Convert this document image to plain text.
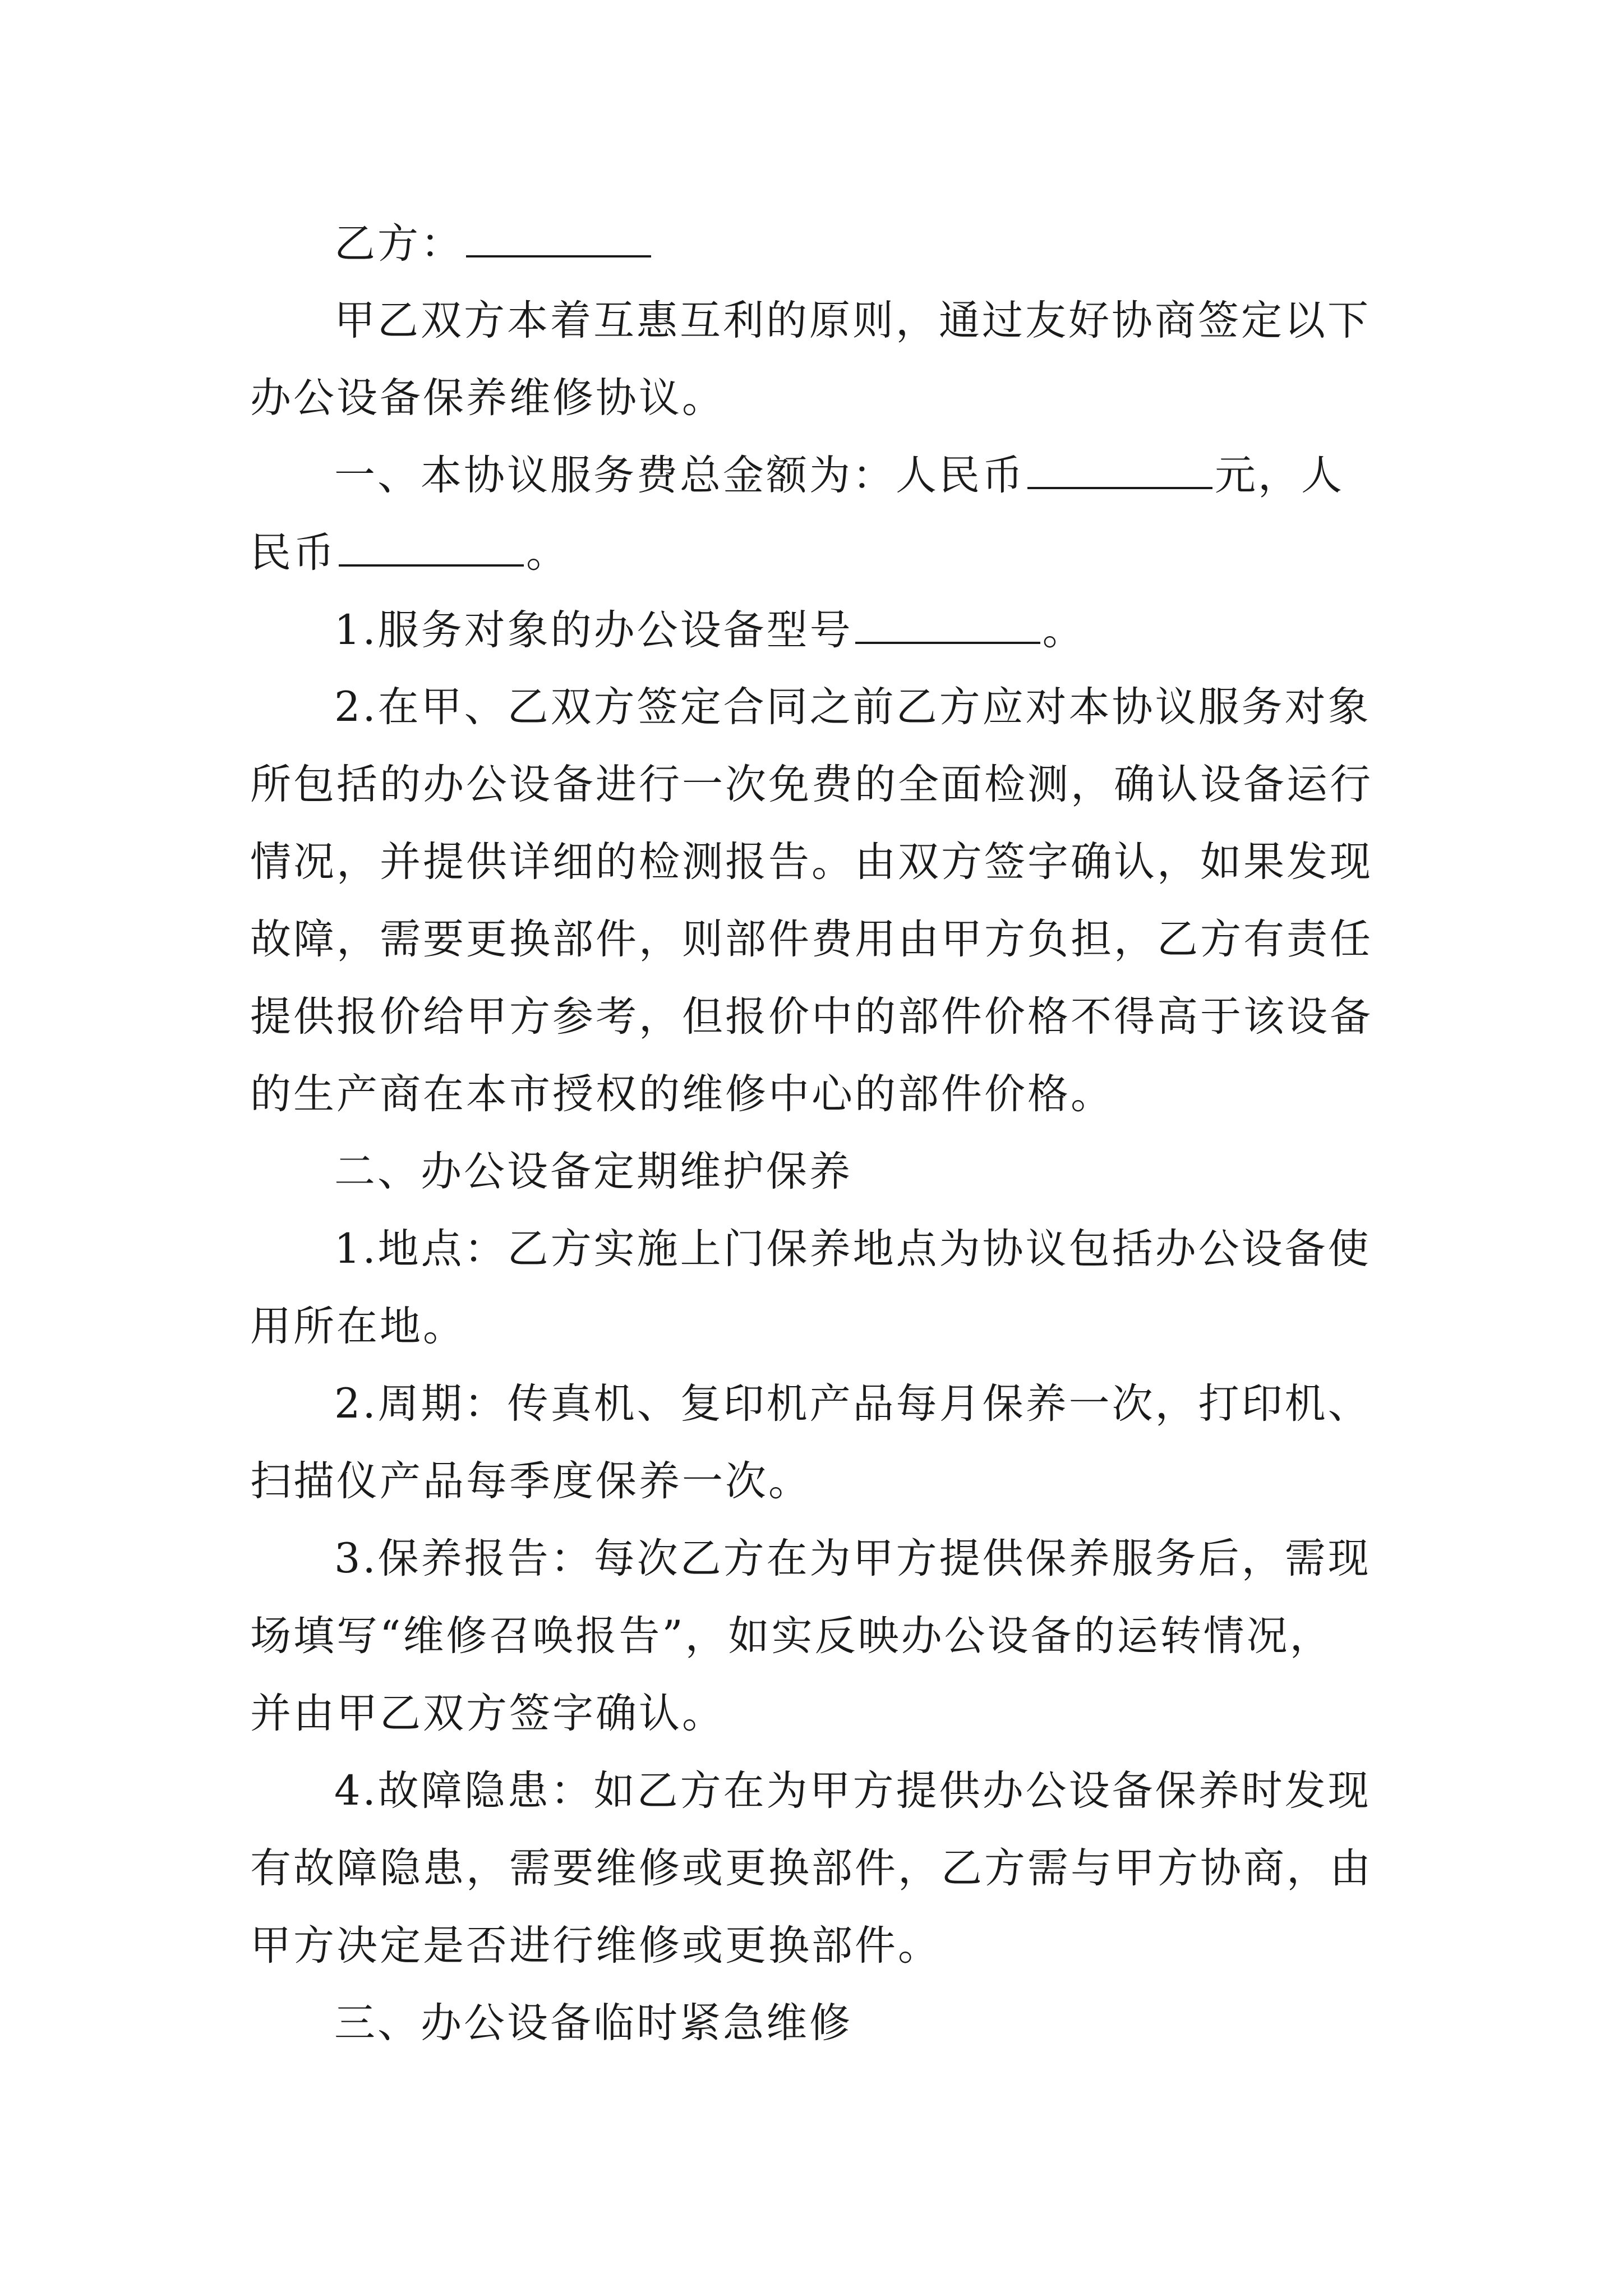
乙方：
甲乙双方本着互惠互利的原则，通过友好协商签定以下
办公设备保养维修协议。
一、本协议服务费总金额为：人民币	元，人
民币	。
1.服务对象的办公设备型号	。
2.在甲、乙双方签定合同之前乙方应对本协议服务对象
所包括的办公设备进行一次免费的全面检测，确认设备运行
情况，并提供详细的检测报告。由双方签字确认，如果发现
故障，需要更换部件，则部件费用由甲方负担，乙方有责任
提供报价给甲方参考，但报价中的部件价格不得高于该设备
的生产商在本市授权的维修中心的部件价格。
二、办公设备定期维护保养
1.地点：乙方实施上门保养地点为协议包括办公设备使
用所在地。
2.周期：传真机、复印机产品每月保养一次，打印机、
扫描仪产品每季度保养一次。
3.保养报告：每次乙方在为甲方提供保养服务后，需现
场填写“维修召唤报告”，如实反映办公设备的运转情况，
并由甲乙双方签字确认。
4.故障隐患：如乙方在为甲方提供办公设备保养时发现
有故障隐患，需要维修或更换部件，乙方需与甲方协商，由
甲方决定是否进行维修或更换部件。
三、办公设备临时紧急维修
